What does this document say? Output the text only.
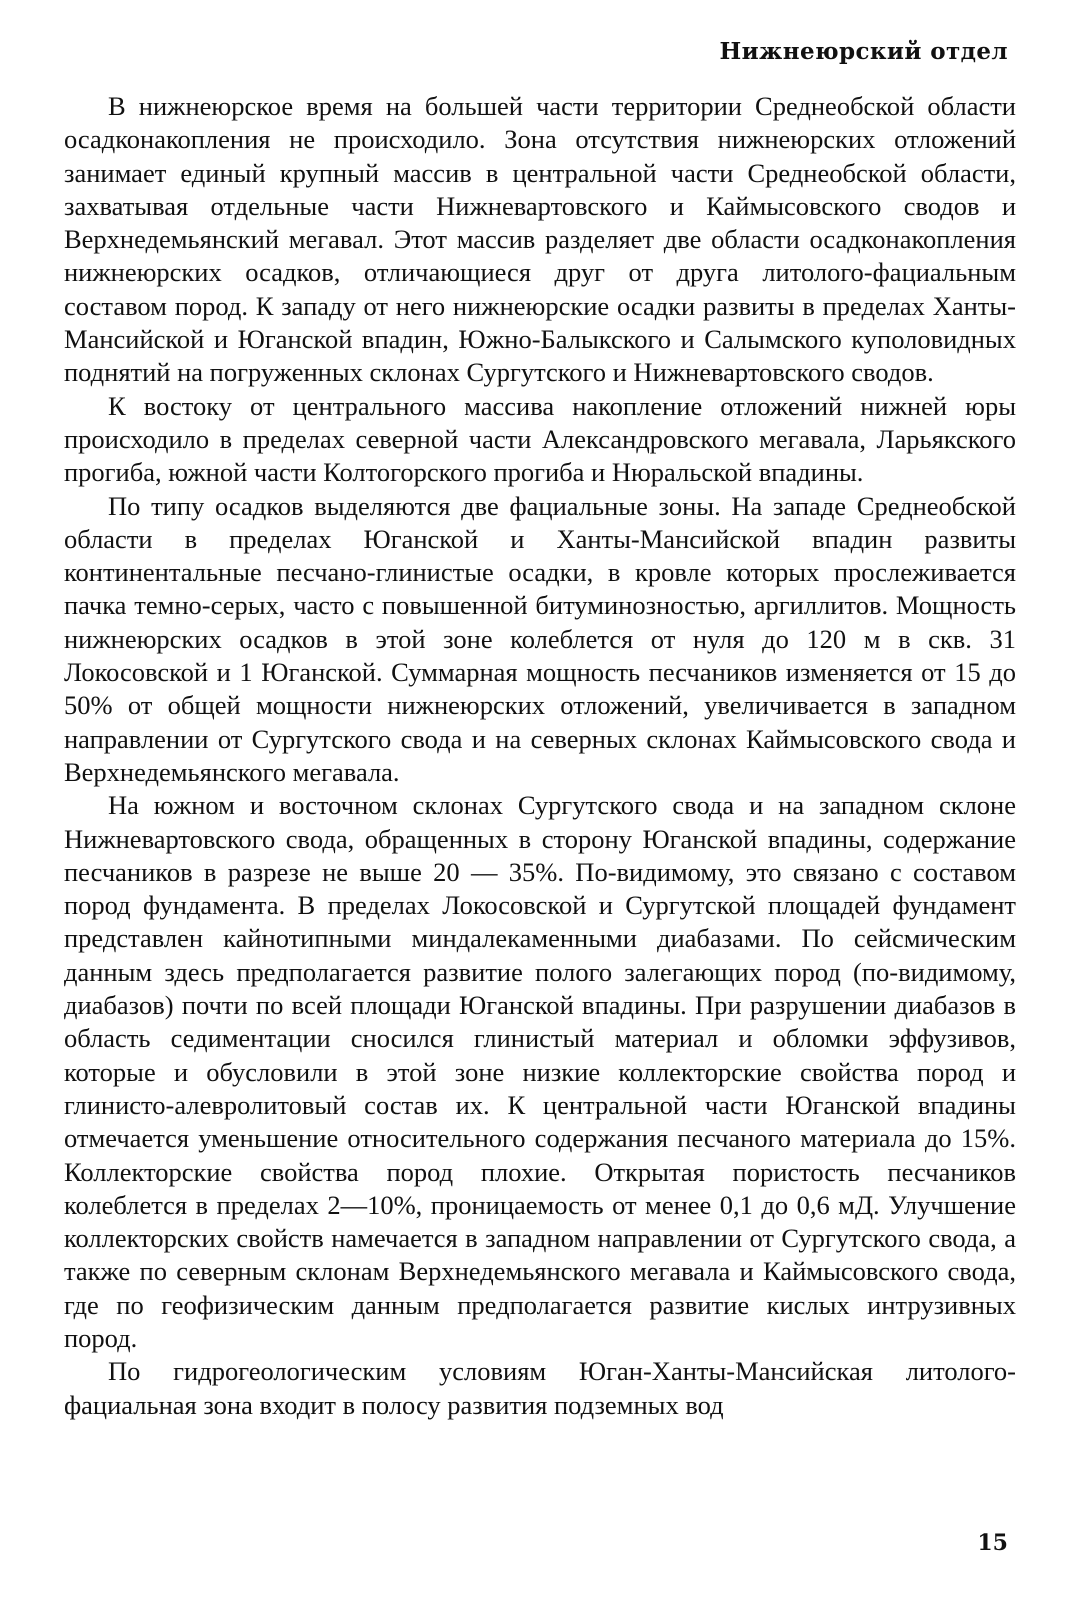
Нижнеюрский отдел

В нижнеюрское время на большей части территории Среднеобской области осадконакопления не происходило. Зона отсутствия нижнеюрских отложений занимает единый крупный массив в центральной части Среднеобской области, захватывая отдельные части Нижневартовского и Каймысовского сводов и Верхнедемьянский мегавал. Этот массив разделяет две области осадконакопления нижнеюрских осадков, отличающиеся друг от друга литолого-фациальным составом пород. К западу от него нижнеюрские осадки развиты в пределах Ханты-Мансийской и Юганской впадин, Южно-Балыкского и Салымского куполовидных поднятий на погруженных склонах Сургутского и Нижневартовского сводов.

К востоку от центрального массива накопление отложений нижней юры происходило в пределах северной части Александровского мегавала, Ларьякского прогиба, южной части Колтогорского прогиба и Нюральской впадины.

По типу осадков выделяются две фациальные зоны. На западе Среднеобской области в пределах Юганской и Ханты-Мансийской впадин развиты континентальные песчано-глинистые осадки, в кровле которых прослеживается пачка темно-серых, часто с повышенной битуминозностью, аргиллитов. Мощность нижнеюрских осадков в этой зоне колеблется от нуля до 120 м в скв. 31 Локосовской и 1 Юганской. Суммарная мощность песчаников изменяется от 15 до 50% от общей мощности нижнеюрских отложений, увеличивается в западном направлении от Сургутского свода и на северных склонах Каймысовского свода и Верхнедемьянского мегавала.

На южном и восточном склонах Сургутского свода и на западном склоне Нижневартовского свода, обращенных в сторону Юганской впадины, содержание песчаников в разрезе не выше 20 — 35%. По-видимому, это связано с составом пород фундамента. В пределах Локосовской и Сургутской площадей фундамент представлен кайнотипными миндалекаменными диабазами. По сейсмическим данным здесь предполагается развитие полого залегающих пород (по-видимому, диабазов) почти по всей площади Юганской впадины. При разрушении диабазов в область седиментации сносился глинистый материал и обломки эффузивов, которые и обусловили в этой зоне низкие коллекторские свойства пород и глинисто-алевролитовый состав их. К центральной части Юганской впадины отмечается уменьшение относительного содержания песчаного материала до 15%. Коллекторские свойства пород плохие. Открытая пористость песчаников колеблется в пределах 2—10%, проницаемость от менее 0,1 до 0,6 мД. Улучшение коллекторских свойств намечается в западном направлении от Сургутского свода, а также по северным склонам Верхнедемьянского мегавала и Каймысовского свода, где по геофизическим данным предполагается развитие кислых интрузивных пород.

По гидрогеологическим условиям Юган-Ханты-Мансийская литолого-фациальная зона входит в полосу развития подземных вод

15
